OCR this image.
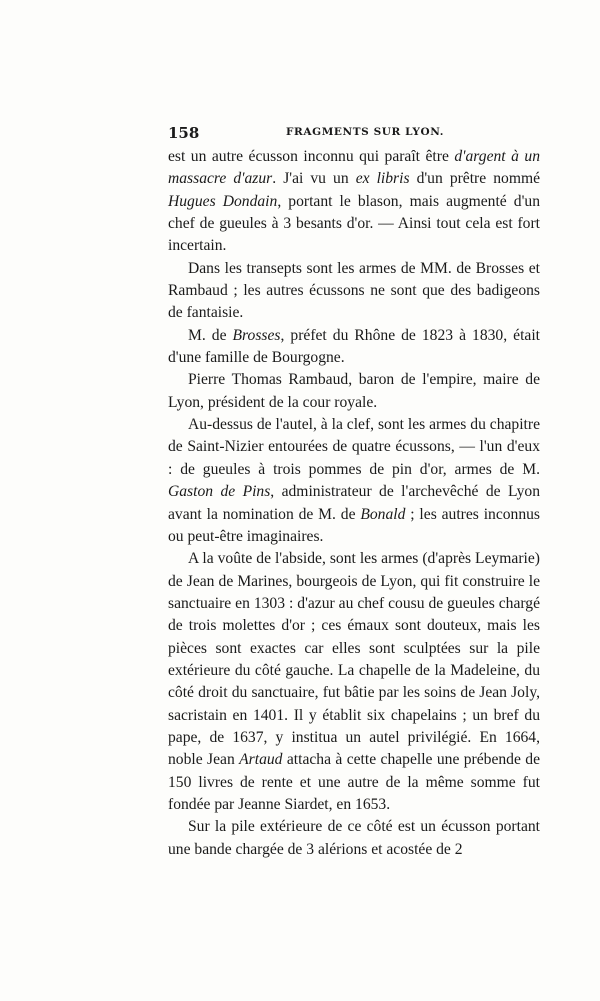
158	FRAGMENTS SUR LYON.

est un autre écusson inconnu qui paraît être d'argent à un massacre d'azur. J'ai vu un ex libris d'un prêtre nommé Hugues Dondain, portant le blason, mais augmenté d'un chef de gueules à 3 besants d'or. — Ainsi tout cela est fort incertain.

Dans les transepts sont les armes de MM. de Brosses et Rambaud ; les autres écussons ne sont que des badigeons de fantaisie.

M. de Brosses, préfet du Rhône de 1823 à 1830, était d'une famille de Bourgogne.

Pierre Thomas Rambaud, baron de l'empire, maire de Lyon, président de la cour royale.

Au-dessus de l'autel, à la clef, sont les armes du chapitre de Saint-Nizier entourées de quatre écussons, — l'un d'eux : de gueules à trois pommes de pin d'or, armes de M. Gaston de Pins, administrateur de l'archevêché de Lyon avant la nomination de M. de Bonald ; les autres inconnus ou peut-être imaginaires.

A la voûte de l'abside, sont les armes (d'après Leymarie) de Jean de Marines, bourgeois de Lyon, qui fit construire le sanctuaire en 1303 : d'azur au chef cousu de gueules chargé de trois molettes d'or ; ces émaux sont douteux, mais les pièces sont exactes car elles sont sculptées sur la pile extérieure du côté gauche. La chapelle de la Madeleine, du côté droit du sanctuaire, fut bâtie par les soins de Jean Joly, sacristain en 1401. Il y établit six chapelains ; un bref du pape, de 1637, y institua un autel privilégié. En 1664, noble Jean Artaud attacha à cette chapelle une prébende de 150 livres de rente et une autre de la même somme fut fondée par Jeanne Siardet, en 1653.

Sur la pile extérieure de ce côté est un écusson portant une bande chargée de 3 alérions et acostée de 2
